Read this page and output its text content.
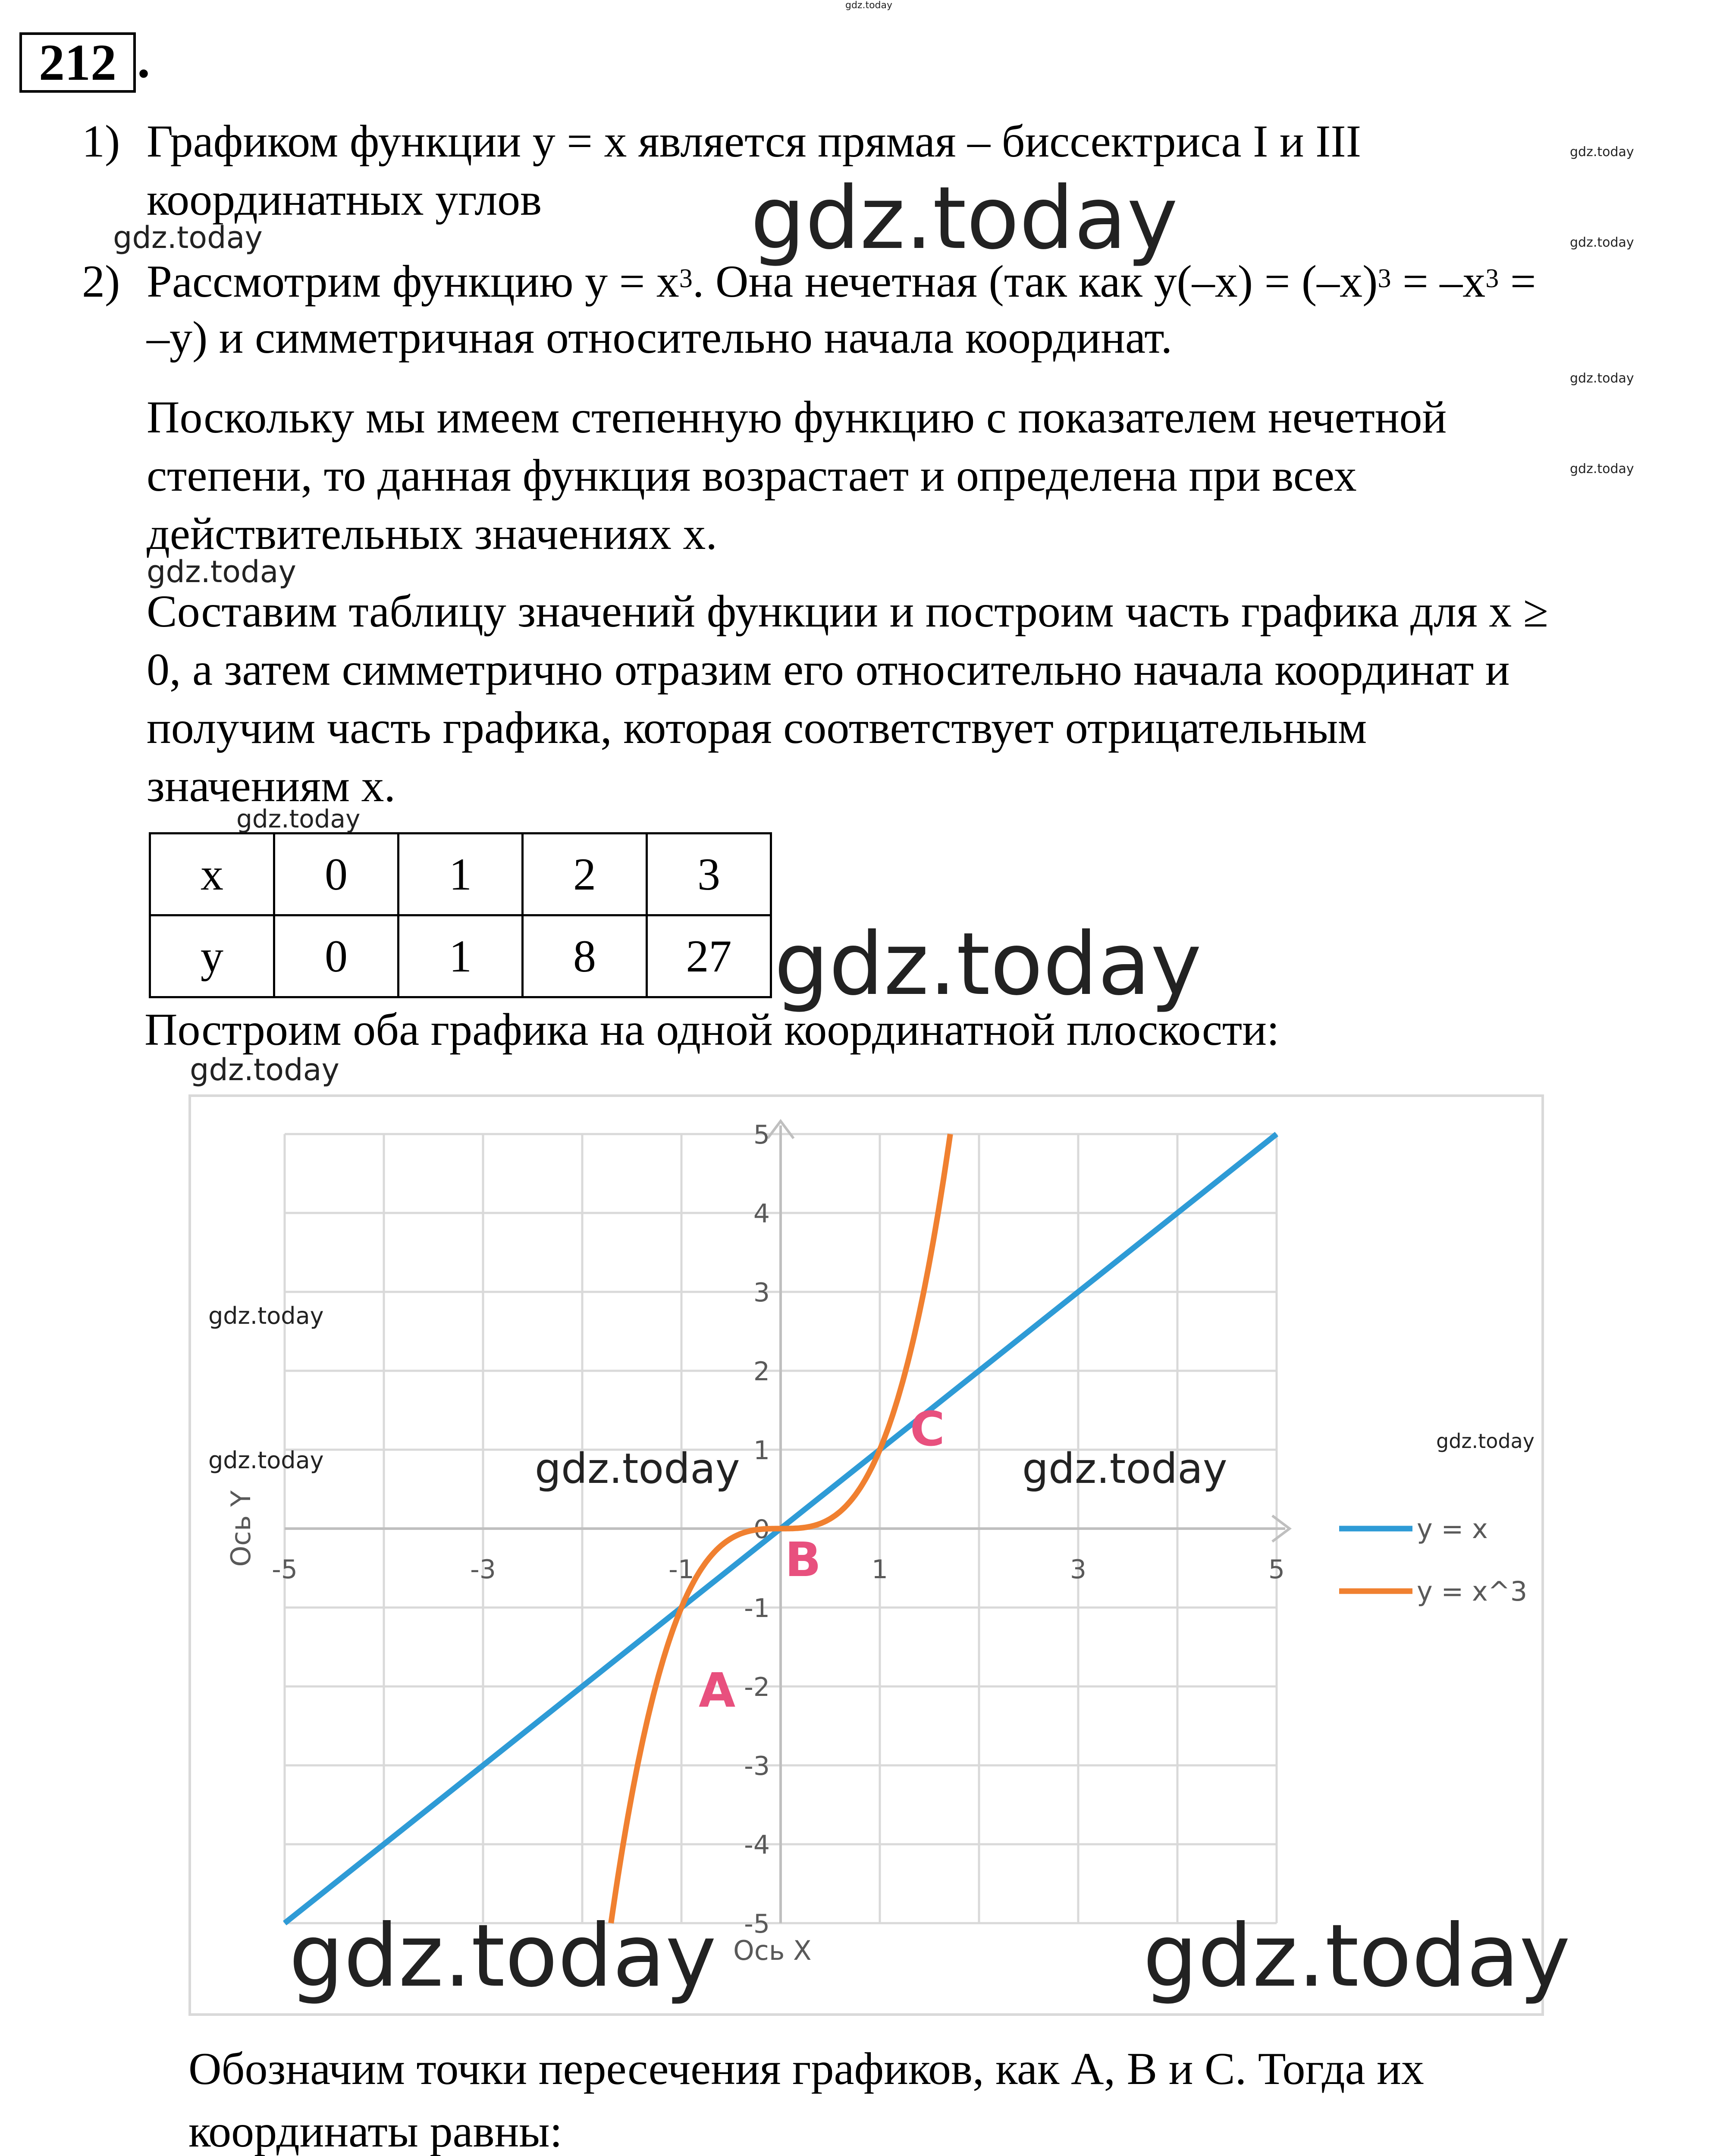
gdz.today
212 .
1) Графиком функции y = x является прямая – биссектриса I и III
координатных углов
2) Рассмотрим функцию $y = x^3$. Она нечетная (так как $y(-x) = (-x)^3 = -x^3$ =
–y) и симметричная относительно начала координат.
Поскольку мы имеем степенную функцию с показателем нечетной
степени, то данная функция возрастает и определена при всех
действительных значениях x.
Составим таблицу значений функции и построим часть графика для x ≥
0, а затем симметрично отразим его относительно начала координат и
получим часть графика, которая соответствует отрицательным
значениям x.
x	0	1	2	3
y	0	1	8	27
Построим оба графика на одной координатной плоскости:
-5	-3	-1	1	3	5
5
4
3
2
1
0
-1
-2
-3
-4
-5
Ось X
Ось Y	y = x
y = x^3
A
B
C
Обозначим точки пересечения графиков, как A, B и C. Тогда их
координаты равны:
gdz.today
gdz.today
gdz.today
gdz.today
gdz.today
gdz.today
gdz.today
gdz.today
gdz.today
gdz.today
gdz.today
gdz.today
gdz.today
gdz.today	gdz.today
gdz.today	gdz.today
